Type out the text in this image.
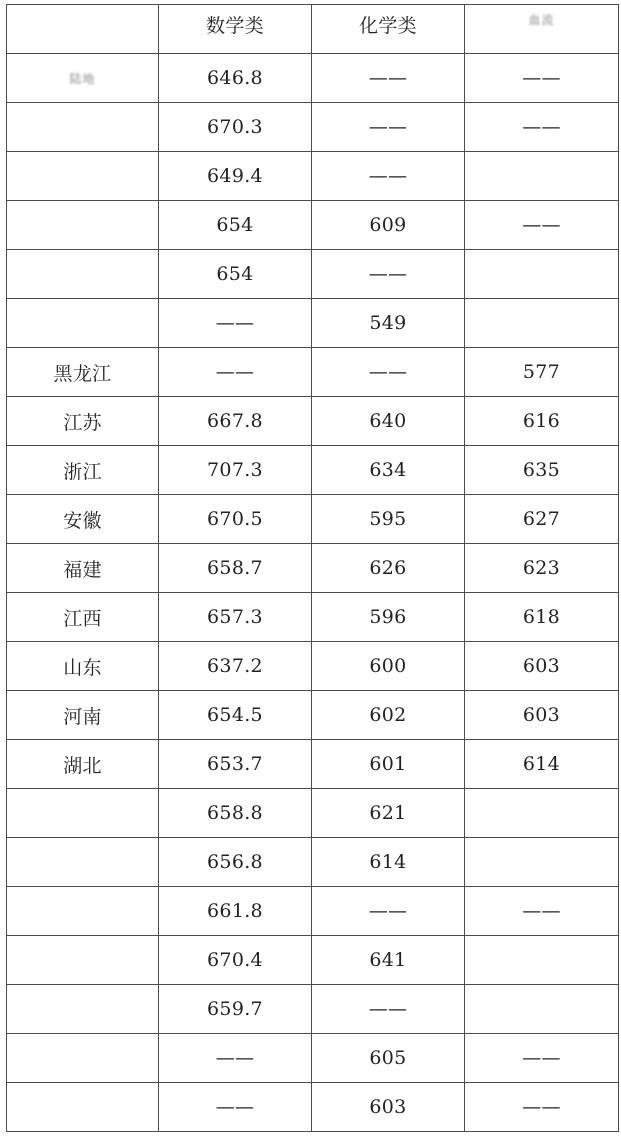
	数学类	化学类	血流
陆地	646.8	——	——
	670.3	——	——
	649.4	——	
	654	609	——
	654	——	
	——	549	
黑龙江	——	——	577
江苏	667.8	640	616
浙江	707.3	634	635
安徽	670.5	595	627
福建	658.7	626	623
江西	657.3	596	618
山东	637.2	600	603
河南	654.5	602	603
湖北	653.7	601	614
	658.8	621	
	656.8	614	
	661.8	——	——
	670.4	641	
	659.7	——	
	——	605	——
	——	603	——
